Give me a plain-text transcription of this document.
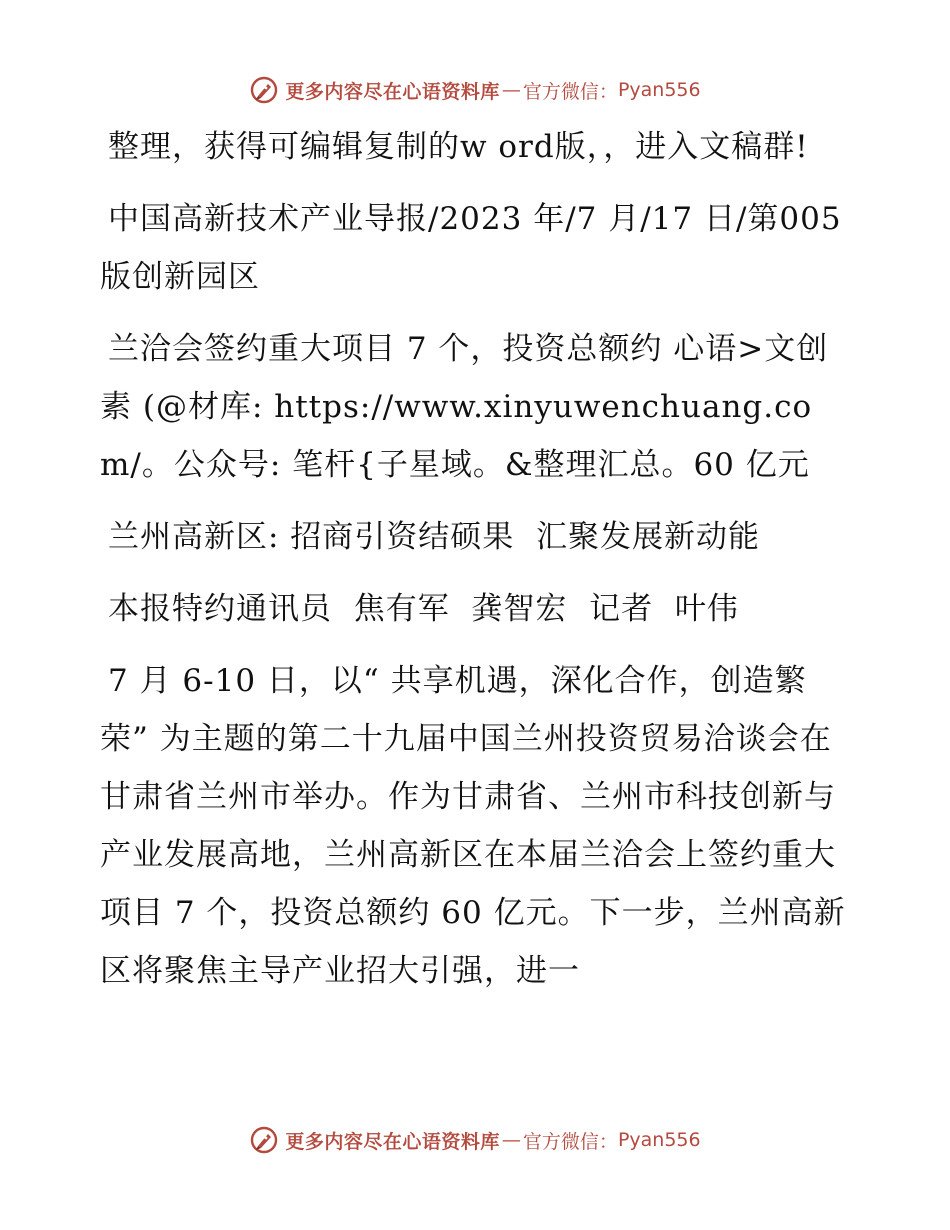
更多内容尽在心语资料库 — 官方微信： Pyan556

整理，获得可编辑复制的w ord版，，进入文稿群!

中国高新技术产业导报/2023 年/7 月/17 日/第005 版创新园区

兰洽会签约重大项目 7 个，投资总额约 心语>文创素 (@材库: https://www.xinyuwenchuang.com/。公众号: 笔杆{子星域。&整理汇总。60 亿元

兰州高新区: 招商引资结硕果  汇聚发展新动能

本报特约通讯员  焦有军  龚智宏  记者  叶伟

7 月 6-10 日，以“ 共享机遇，深化合作，创造繁荣” 为主题的第二十九届中国兰州投资贸易洽谈会在甘肃省兰州市举办。作为甘肃省、兰州市科技创新与产业发展高地，兰州高新区在本届兰洽会上签约重大项目 7 个，投资总额约 60 亿元。下一步，兰州高新区将聚焦主导产业招大引强，进一

更多内容尽在心语资料库 — 官方微信： Pyan556
